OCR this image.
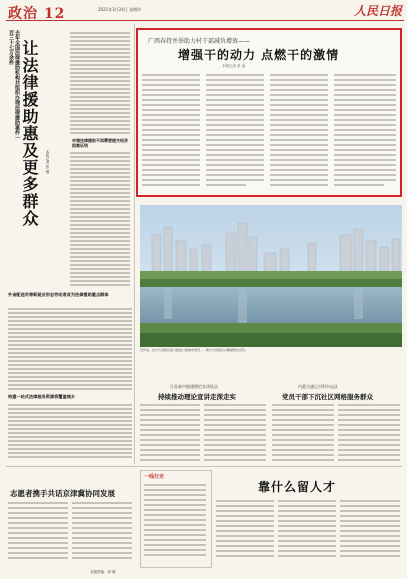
政治 12	2021年3月24日 星期四	人民日报
去年全国法律援助机构共组织办理法律援助案件一百三十七万余件 让法律援助惠及更多群众 本报记者 张 璁
申请法律援助不再需要提交经济困难证明
外省配送员等新就业形态劳动者成为法律援助重点群体
构建一站式法律服务资源将覆盖城乡
广西春持并举助力村干部减负增效——
增强干的动力 点燃干的激情
本报记者 张 枭
近年来，四川天府新区着力推进公园城市建设……图为天府新区兴隆湖周边景色。
江苏泰兴镇建理论宣讲队伍
持续推动理论宣讲走深走实
内蒙古通辽市科尔沁区
党员干部下沉社区网格服务群众
志愿者携手共话京津冀协同发展
一线行走
靠什么留人才
本版责编：刘 璇
